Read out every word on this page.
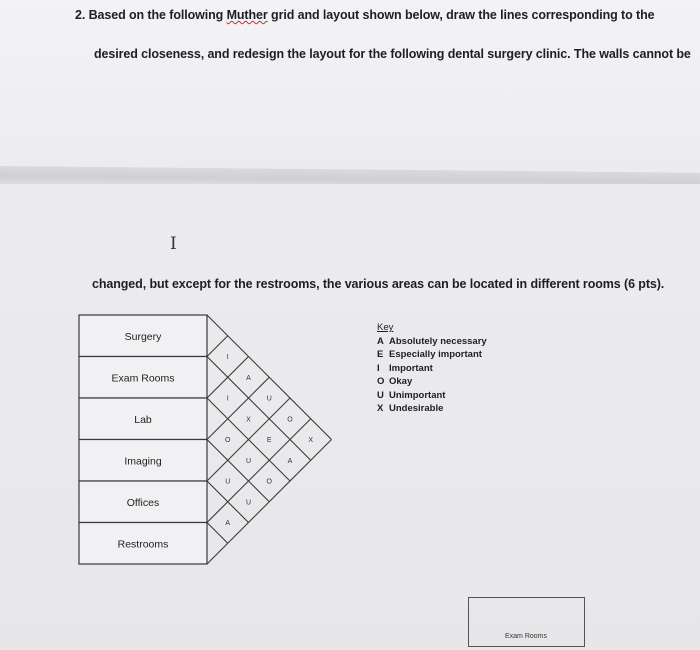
2. Based on the following Muther grid and layout shown below, draw the lines corresponding to the
desired closeness, and redesign the layout for the following dental surgery clinic. The walls cannot be
changed, but except for the restrooms, the various areas can be located in different rooms (6 pts).
I
Surgery
Exam Rooms
Lab
Imaging
Offices
Restrooms
I
I
O
U
A
A
X
U
U
U
E
O
O
A
X
Key
A Absolutely necessary
E Especially important
I Important
O Okay
U Unimportant
X Undesirable
Exam Rooms
